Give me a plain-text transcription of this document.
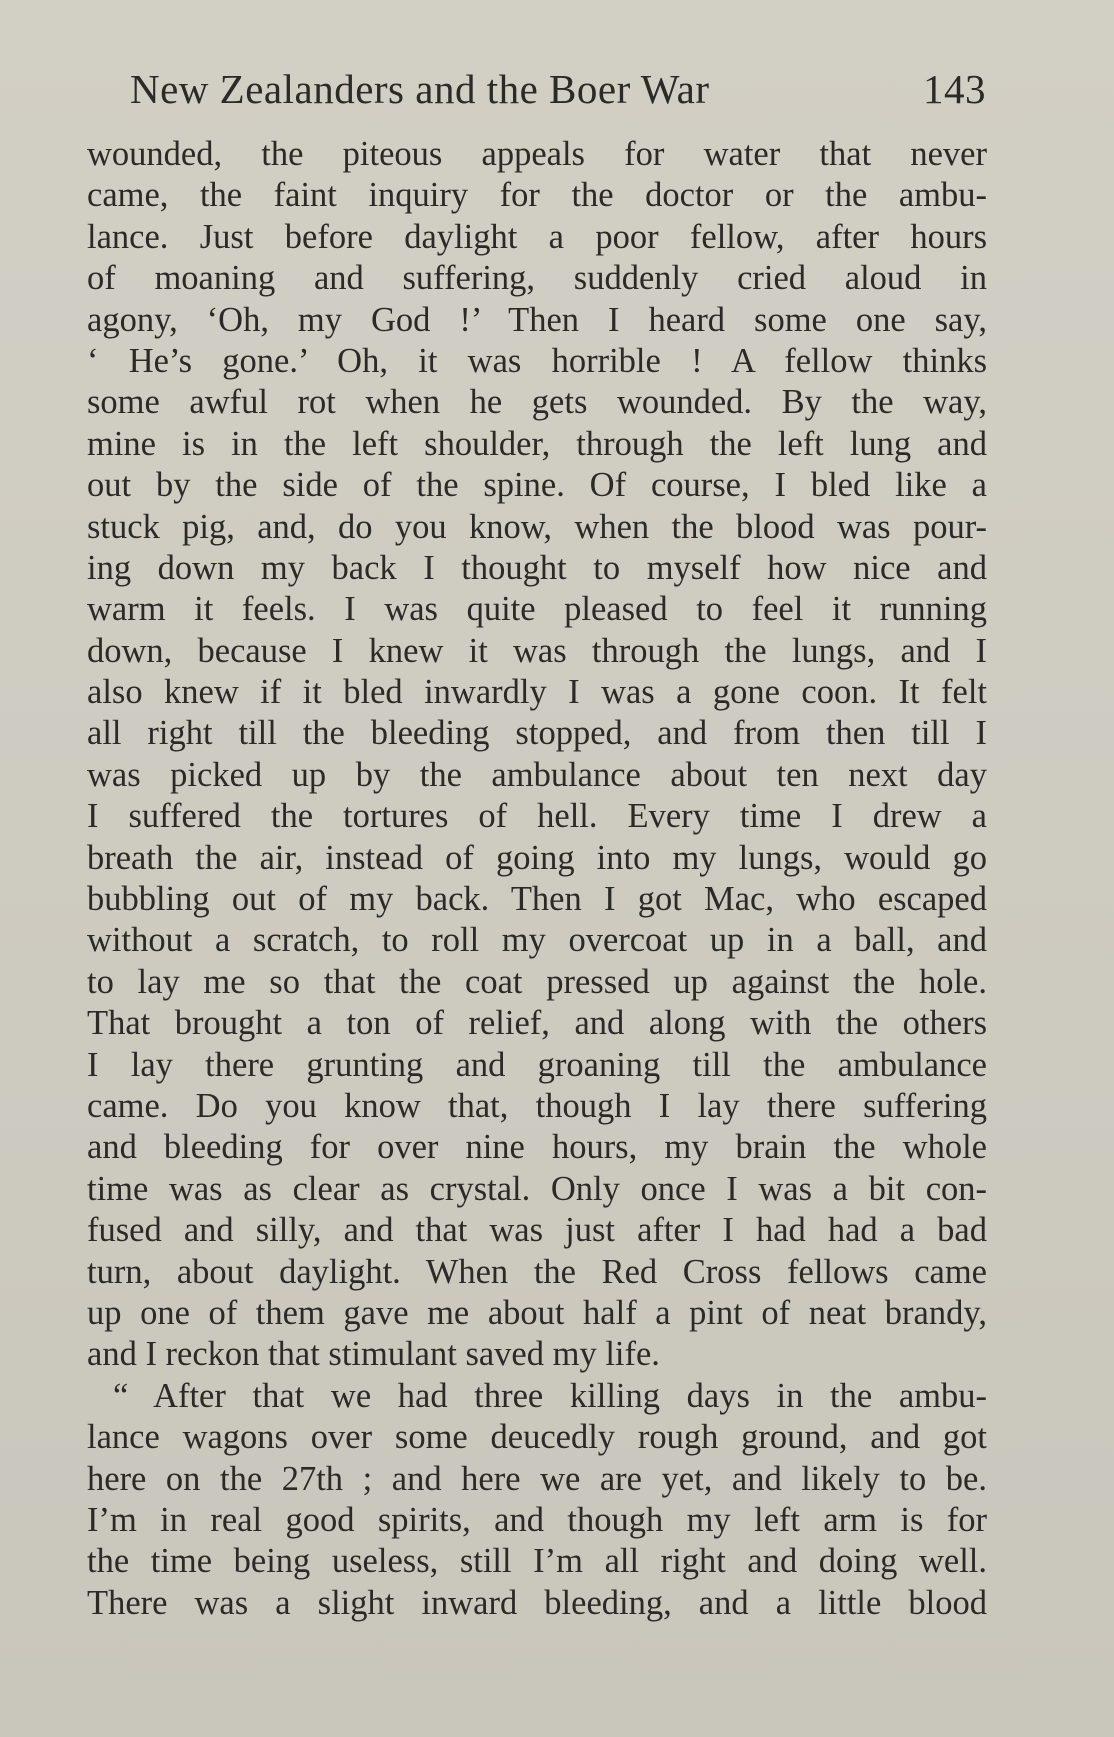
New Zealanders and the Boer War	143
wounded, the piteous appeals for water that never
came, the faint inquiry for the doctor or the ambu-
lance. Just before daylight a poor fellow, after hours
of moaning and suffering, suddenly cried aloud in
agony, ‘Oh, my God !’ Then I heard some one say,
‘ He’s gone.’ Oh, it was horrible ! A fellow thinks
some awful rot when he gets wounded. By the way,
mine is in the left shoulder, through the left lung and
out by the side of the spine. Of course, I bled like a
stuck pig, and, do you know, when the blood was pour-
ing down my back I thought to myself how nice and
warm it feels. I was quite pleased to feel it running
down, because I knew it was through the lungs, and I
also knew if it bled inwardly I was a gone coon. It felt
all right till the bleeding stopped, and from then till I
was picked up by the ambulance about ten next day
I suffered the tortures of hell. Every time I drew a
breath the air, instead of going into my lungs, would go
bubbling out of my back. Then I got Mac, who escaped
without a scratch, to roll my overcoat up in a ball, and
to lay me so that the coat pressed up against the hole.
That brought a ton of relief, and along with the others
I lay there grunting and groaning till the ambulance
came. Do you know that, though I lay there suffering
and bleeding for over nine hours, my brain the whole
time was as clear as crystal. Only once I was a bit con-
fused and silly, and that was just after I had had a bad
turn, about daylight. When the Red Cross fellows came
up one of them gave me about half a pint of neat brandy,
and I reckon that stimulant saved my life.
“ After that we had three killing days in the ambu-
lance wagons over some deucedly rough ground, and got
here on the 27th ; and here we are yet, and likely to be.
I’m in real good spirits, and though my left arm is for
the time being useless, still I’m all right and doing well.
There was a slight inward bleeding, and a little blood
